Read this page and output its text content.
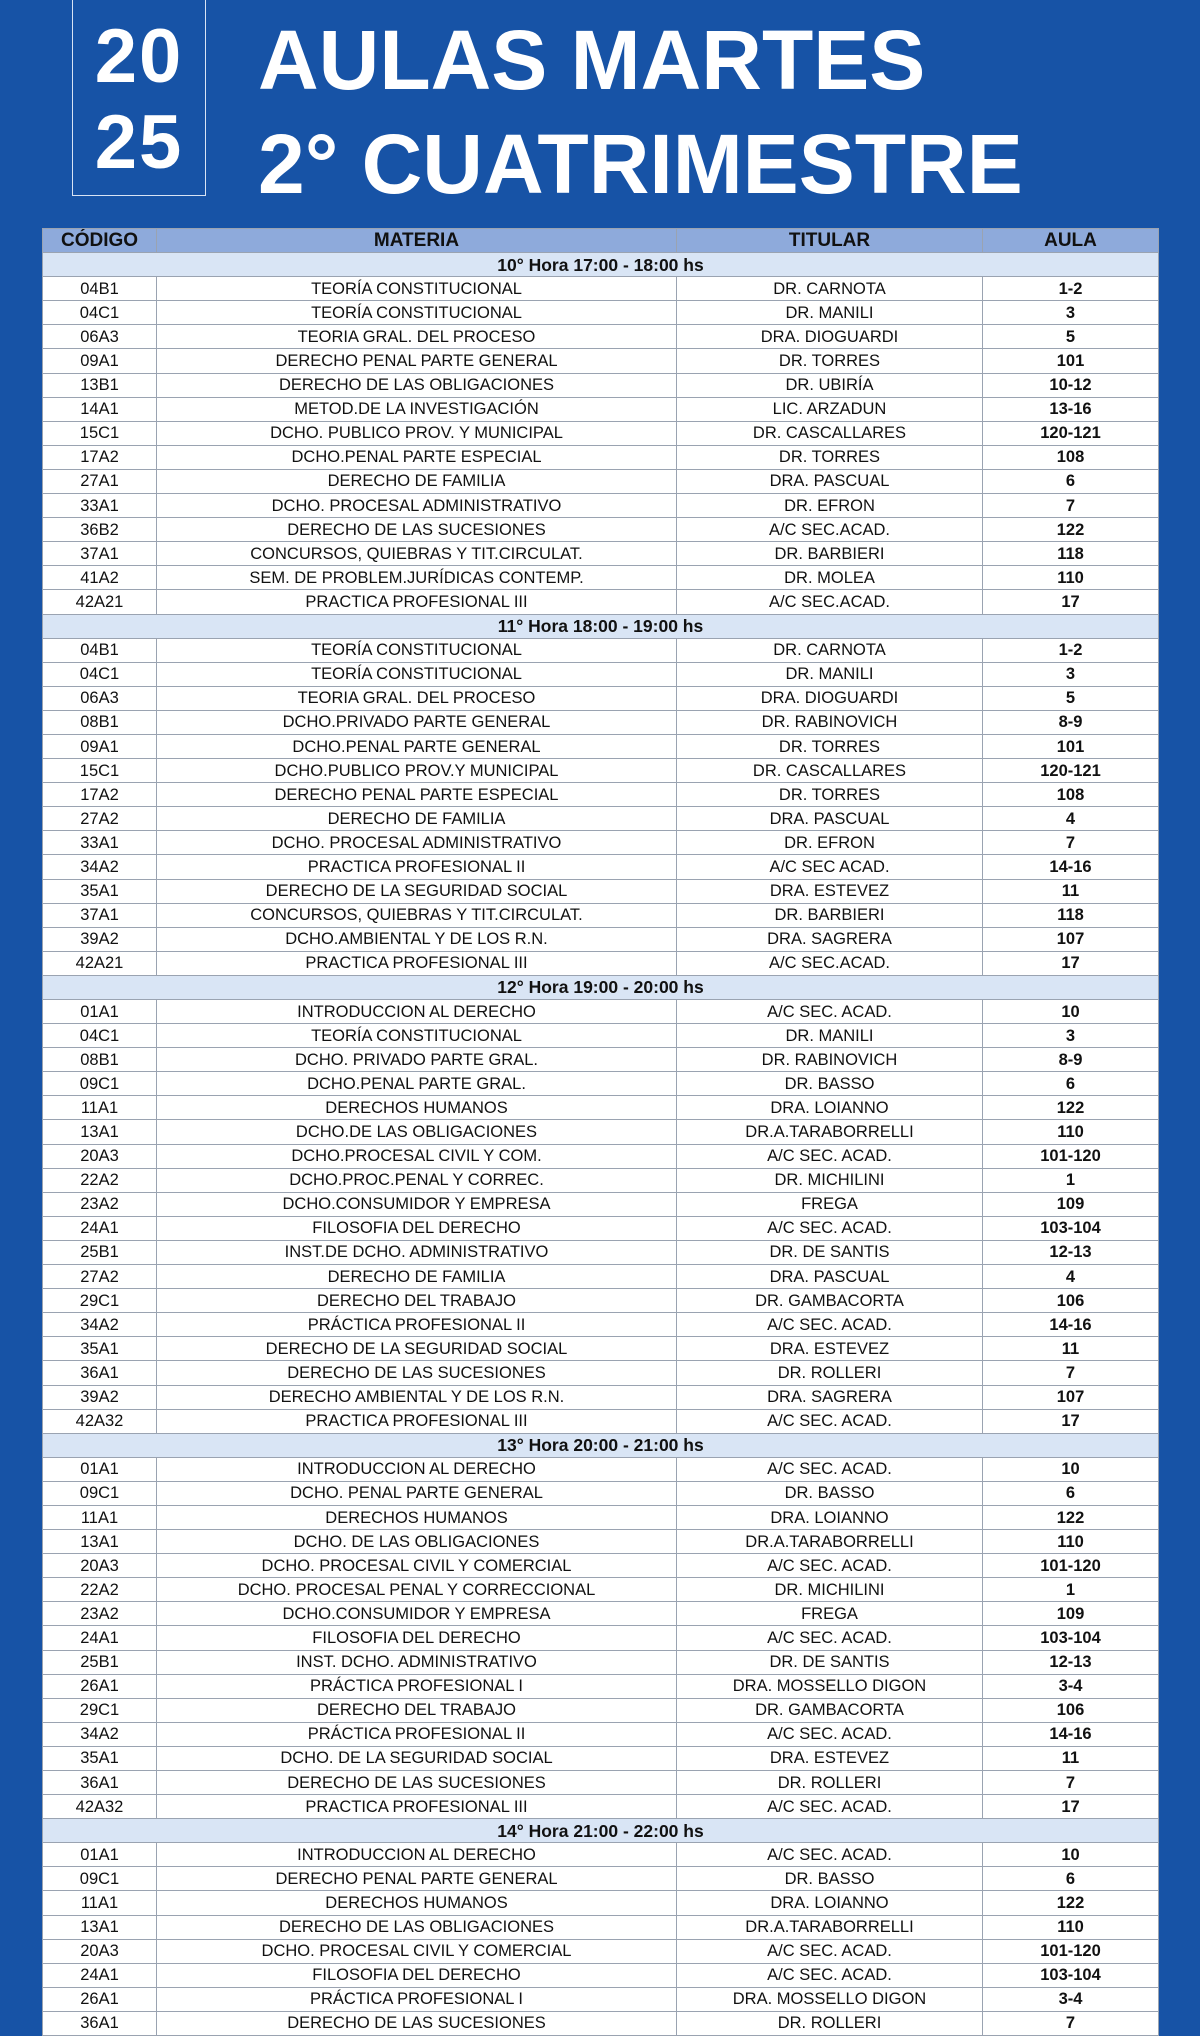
20
25
AULAS MARTES
2° CUATRIMESTRE
CÓDIGO	MATERIA	TITULAR	AULA
10° Hora 17:00 - 18:00 hs			
04B1	TEORÍA CONSTITUCIONAL	DR. CARNOTA	1-2
04C1	TEORÍA CONSTITUCIONAL	DR. MANILI	3
06A3	TEORIA GRAL. DEL PROCESO	DRA. DIOGUARDI	5
09A1	DERECHO PENAL PARTE GENERAL	DR. TORRES	101
13B1	DERECHO DE LAS OBLIGACIONES	DR. UBIRÍA	10-12
14A1	METOD.DE LA INVESTIGACIÓN	LIC. ARZADUN	13-16
15C1	DCHO. PUBLICO PROV. Y MUNICIPAL	DR. CASCALLARES	120-121
17A2	DCHO.PENAL PARTE ESPECIAL	DR. TORRES	108
27A1	DERECHO DE FAMILIA	DRA. PASCUAL	6
33A1	DCHO. PROCESAL ADMINISTRATIVO	DR. EFRON	7
36B2	DERECHO DE LAS SUCESIONES	A/C SEC.ACAD.	122
37A1	CONCURSOS, QUIEBRAS Y TIT.CIRCULAT.	DR. BARBIERI	118
41A2	SEM. DE PROBLEM.JURÍDICAS CONTEMP.	DR. MOLEA	110
42A21	PRACTICA PROFESIONAL III	A/C SEC.ACAD.	17
11° Hora 18:00 - 19:00 hs			
04B1	TEORÍA CONSTITUCIONAL	DR. CARNOTA	1-2
04C1	TEORÍA CONSTITUCIONAL	DR. MANILI	3
06A3	TEORIA GRAL. DEL PROCESO	DRA. DIOGUARDI	5
08B1	DCHO.PRIVADO PARTE GENERAL	DR. RABINOVICH	8-9
09A1	DCHO.PENAL PARTE GENERAL	DR. TORRES	101
15C1	DCHO.PUBLICO PROV.Y MUNICIPAL	DR. CASCALLARES	120-121
17A2	DERECHO PENAL PARTE ESPECIAL	DR. TORRES	108
27A2	DERECHO DE FAMILIA	DRA. PASCUAL	4
33A1	DCHO. PROCESAL ADMINISTRATIVO	DR. EFRON	7
34A2	PRACTICA PROFESIONAL II	A/C SEC ACAD.	14-16
35A1	DERECHO DE LA SEGURIDAD SOCIAL	DRA. ESTEVEZ	11
37A1	CONCURSOS, QUIEBRAS Y TIT.CIRCULAT.	DR. BARBIERI	118
39A2	DCHO.AMBIENTAL Y DE LOS R.N.	DRA. SAGRERA	107
42A21	PRACTICA PROFESIONAL III	A/C SEC.ACAD.	17
12° Hora 19:00 - 20:00 hs			
01A1	INTRODUCCION AL DERECHO	A/C SEC. ACAD.	10
04C1	TEORÍA CONSTITUCIONAL	DR. MANILI	3
08B1	DCHO. PRIVADO PARTE GRAL.	DR. RABINOVICH	8-9
09C1	DCHO.PENAL PARTE GRAL.	DR. BASSO	6
11A1	DERECHOS HUMANOS	DRA. LOIANNO	122
13A1	DCHO.DE LAS OBLIGACIONES	DR.A.TARABORRELLI	110
20A3	DCHO.PROCESAL CIVIL Y COM.	A/C SEC. ACAD.	101-120
22A2	DCHO.PROC.PENAL Y CORREC.	DR. MICHILINI	1
23A2	DCHO.CONSUMIDOR Y EMPRESA	FREGA	109
24A1	FILOSOFIA DEL DERECHO	A/C SEC. ACAD.	103-104
25B1	INST.DE DCHO. ADMINISTRATIVO	DR. DE SANTIS	12-13
27A2	DERECHO DE FAMILIA	DRA. PASCUAL	4
29C1	DERECHO DEL TRABAJO	DR. GAMBACORTA	106
34A2	PRÁCTICA PROFESIONAL II	A/C SEC. ACAD.	14-16
35A1	DERECHO DE LA SEGURIDAD SOCIAL	DRA. ESTEVEZ	11
36A1	DERECHO DE LAS SUCESIONES	DR. ROLLERI	7
39A2	DERECHO AMBIENTAL Y DE LOS R.N.	DRA. SAGRERA	107
42A32	PRACTICA PROFESIONAL III	A/C SEC. ACAD.	17
13° Hora 20:00 - 21:00 hs			
01A1	INTRODUCCION AL DERECHO	A/C SEC. ACAD.	10
09C1	DCHO. PENAL PARTE GENERAL	DR. BASSO	6
11A1	DERECHOS HUMANOS	DRA. LOIANNO	122
13A1	DCHO. DE LAS OBLIGACIONES	DR.A.TARABORRELLI	110
20A3	DCHO. PROCESAL CIVIL Y COMERCIAL	A/C SEC. ACAD.	101-120
22A2	DCHO. PROCESAL PENAL Y CORRECCIONAL	DR. MICHILINI	1
23A2	DCHO.CONSUMIDOR Y EMPRESA	FREGA	109
24A1	FILOSOFIA DEL DERECHO	A/C SEC. ACAD.	103-104
25B1	INST. DCHO. ADMINISTRATIVO	DR. DE SANTIS	12-13
26A1	PRÁCTICA PROFESIONAL I	DRA. MOSSELLO DIGON	3-4
29C1	DERECHO DEL TRABAJO	DR. GAMBACORTA	106
34A2	PRÁCTICA PROFESIONAL II	A/C SEC. ACAD.	14-16
35A1	DCHO. DE LA SEGURIDAD SOCIAL	DRA. ESTEVEZ	11
36A1	DERECHO DE LAS SUCESIONES	DR. ROLLERI	7
42A32	PRACTICA PROFESIONAL III	A/C SEC. ACAD.	17
14° Hora 21:00 - 22:00 hs			
01A1	INTRODUCCION AL DERECHO	A/C SEC. ACAD.	10
09C1	DERECHO PENAL PARTE GENERAL	DR. BASSO	6
11A1	DERECHOS HUMANOS	DRA. LOIANNO	122
13A1	DERECHO DE LAS OBLIGACIONES	DR.A.TARABORRELLI	110
20A3	DCHO. PROCESAL CIVIL Y COMERCIAL	A/C SEC. ACAD.	101-120
24A1	FILOSOFIA DEL DERECHO	A/C SEC. ACAD.	103-104
26A1	PRÁCTICA PROFESIONAL I	DRA. MOSSELLO DIGON	3-4
36A1	DERECHO DE LAS SUCESIONES	DR. ROLLERI	7
